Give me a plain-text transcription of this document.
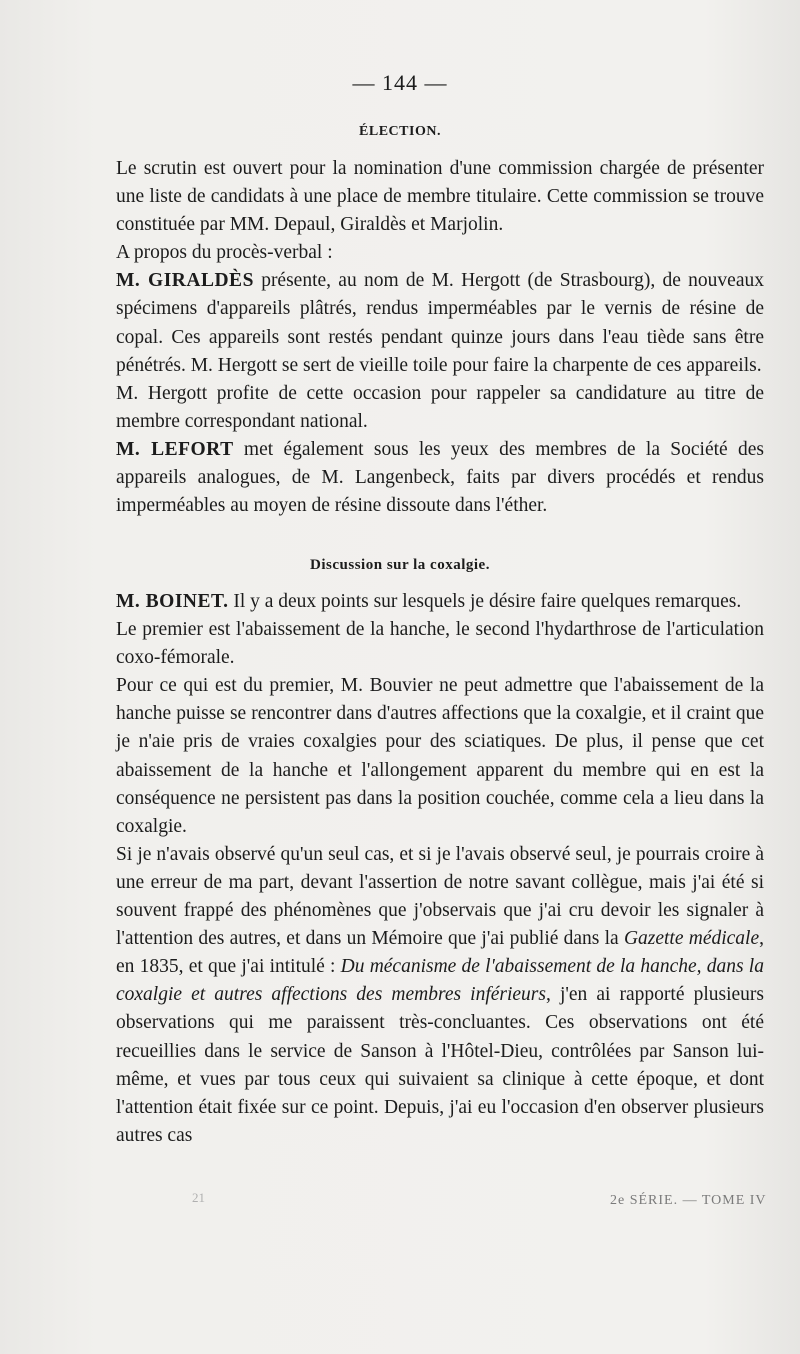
— 144 —
ÉLECTION.

Le scrutin est ouvert pour la nomination d'une commission chargée de présenter une liste de candidats à une place de membre titulaire. Cette commission se trouve constituée par MM. Depaul, Giraldès et Marjolin.

A propos du procès-verbal :

M. GIRALDÈS présente, au nom de M. Hergott (de Strasbourg), de nouveaux spécimens d'appareils plâtrés, rendus imperméables par le vernis de résine de copal. Ces appareils sont restés pendant quinze jours dans l'eau tiède sans être pénétrés. M. Hergott se sert de vieille toile pour faire la charpente de ces appareils.

M. Hergott profite de cette occasion pour rappeler sa candidature au titre de membre correspondant national.

M. LEFORT met également sous les yeux des membres de la Société des appareils analogues, de M. Langenbeck, faits par divers procédés et rendus imperméables au moyen de résine dissoute dans l'éther.

Discussion sur la coxalgie.

M. BOINET. Il y a deux points sur lesquels je désire faire quelques remarques.

Le premier est l'abaissement de la hanche, le second l'hydarthrose de l'articulation coxo-fémorale.

Pour ce qui est du premier, M. Bouvier ne peut admettre que l'abaissement de la hanche puisse se rencontrer dans d'autres affections que la coxalgie, et il craint que je n'aie pris de vraies coxalgies pour des sciatiques. De plus, il pense que cet abaissement de la hanche et l'allongement apparent du membre qui en est la conséquence ne persistent pas dans la position couchée, comme cela a lieu dans la coxalgie.

Si je n'avais observé qu'un seul cas, et si je l'avais observé seul, je pourrais croire à une erreur de ma part, devant l'assertion de notre savant collègue, mais j'ai été si souvent frappé des phénomènes que j'observais que j'ai cru devoir les signaler à l'attention des autres, et dans un Mémoire que j'ai publié dans la Gazette médicale, en 1835, et que j'ai intitulé : Du mécanisme de l'abaissement de la hanche, dans la coxalgie et autres affections des membres inférieurs, j'en ai rapporté plusieurs observations qui me paraissent très-concluantes. Ces observations ont été recueillies dans le service de Sanson à l'Hôtel-Dieu, contrôlées par Sanson lui-même, et vues par tous ceux qui suivaient sa clinique à cette époque, et dont l'attention était fixée sur ce point. Depuis, j'ai eu l'occasion d'en observer plusieurs autres cas

21	2e SÉRIE. — TOME IV
